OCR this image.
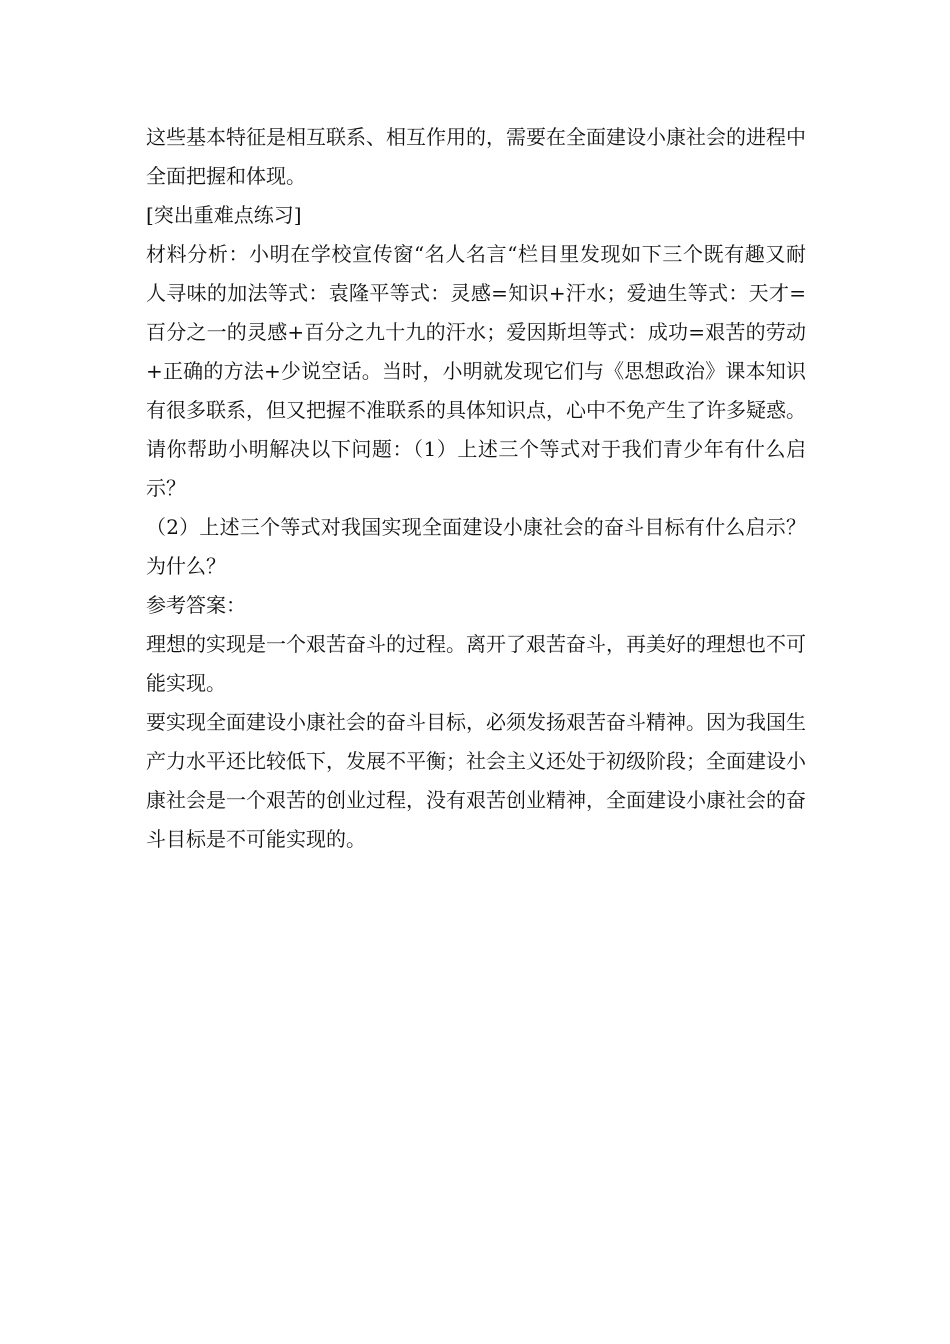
这些基本特征是相互联系、相互作用的，需要在全面建设小康社会的进程中全面把握和体现。

[突出重难点练习]

材料分析：小明在学校宣传窗“名人名言“栏目里发现如下三个既有趣又耐人寻味的加法等式：袁隆平等式：灵感=知识+汗水；爱迪生等式：天才=百分之一的灵感+百分之九十九的汗水；爱因斯坦等式：成功=艰苦的劳动+正确的方法+少说空话。当时，小明就发现它们与《思想政治》课本知识有很多联系，但又把握不准联系的具体知识点，心中不免产生了许多疑惑。请你帮助小明解决以下问题：（1）上述三个等式对于我们青少年有什么启示？

（2）上述三个等式对我国实现全面建设小康社会的奋斗目标有什么启示？为什么？

参考答案：

理想的实现是一个艰苦奋斗的过程。离开了艰苦奋斗，再美好的理想也不可能实现。

要实现全面建设小康社会的奋斗目标，必须发扬艰苦奋斗精神。因为我国生产力水平还比较低下，发展不平衡；社会主义还处于初级阶段；全面建设小康社会是一个艰苦的创业过程，没有艰苦创业精神，全面建设小康社会的奋斗目标是不可能实现的。
